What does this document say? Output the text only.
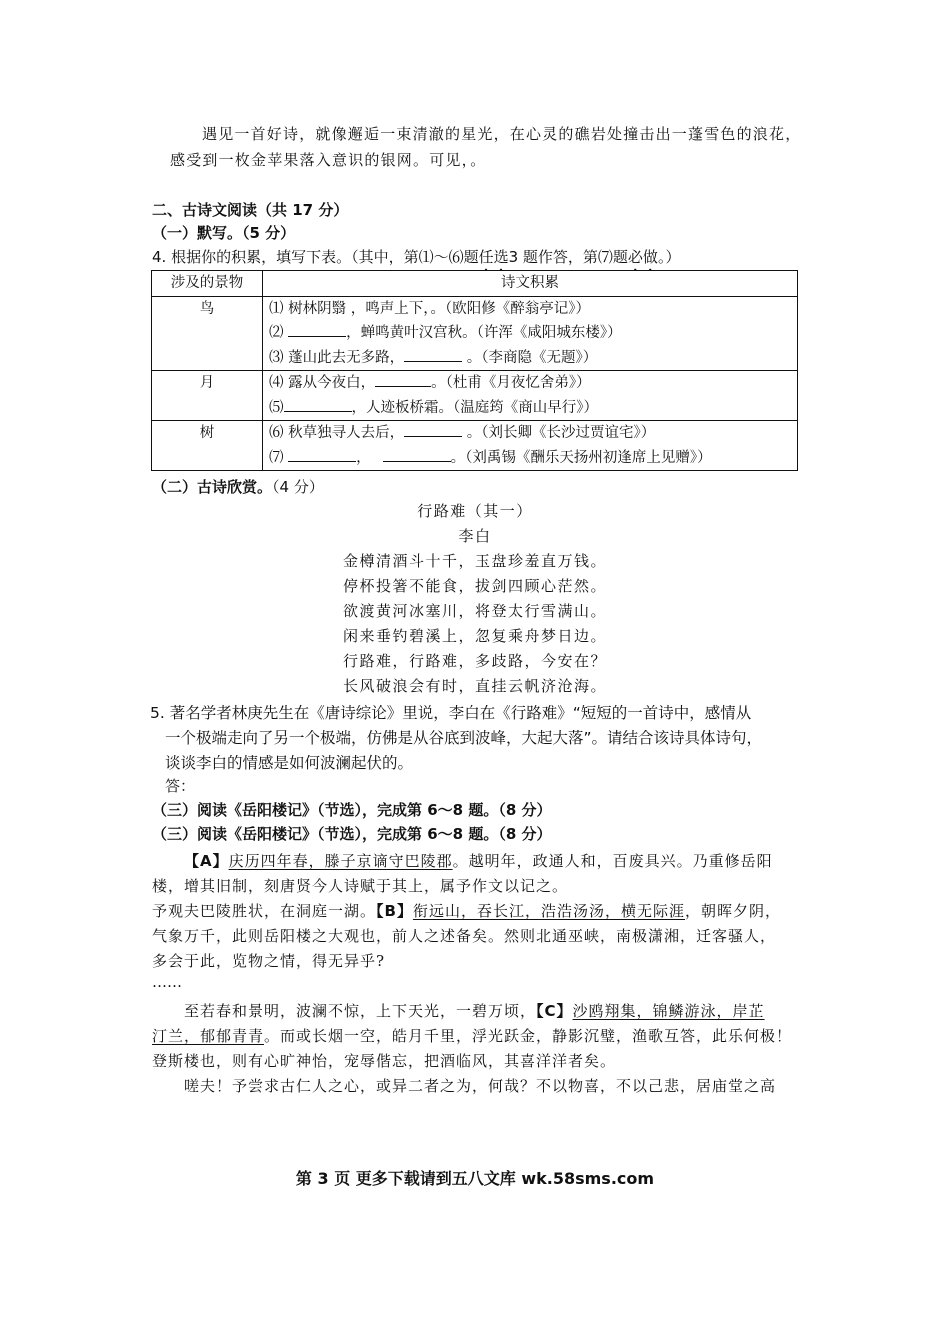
遇见一首好诗，就像邂逅一束清澈的星光，在心灵的礁岩处撞击出一蓬雪色的浪花，
感受到一枚金苹果落入意识的银网。可见，。
二、古诗文阅读（共 17 分）
（一）默写。（5 分）
4. 根据你的积累，填写下表。（其中，第⑴～⑹题任选3 题作答，第⑺题必做。）
涉及的景物	诗文积累

鸟	⑴ 树林阴翳 ，鸣声上下，。（欧阳修《醉翁亭记》）
⑵ ，蝉鸣黄叶汉宫秋。（许浑《咸阳城东楼》）
⑶ 蓬山此去无多路， 。（李商隐《无题》）

月	⑷ 露从今夜白， 。（杜甫《月夜忆舍弟》）
⑸ ，人迹板桥霜。（温庭筠《商山早行》）

树	⑹ 秋草独寻人去后， 。（刘长卿《长沙过贾谊宅》）
⑺ ， 。（刘禹锡《酬乐天扬州初逢席上见赠》）
（二）古诗欣赏。（4 分）
行路难（其一）
李白
金樽清酒斗十千，玉盘珍羞直万钱。
停杯投箸不能食，拔剑四顾心茫然。
欲渡黄河冰塞川，将登太行雪满山。
闲来垂钓碧溪上，忽复乘舟梦日边。
行路难，行路难，多歧路，今安在？
长风破浪会有时，直挂云帆济沧海。
5. 著名学者林庚先生在《唐诗综论》里说，李白在《行路难》“短短的一首诗中，感情从
一个极端走向了另一个极端，仿佛是从谷底到波峰，大起大落”。请结合该诗具体诗句，
谈谈李白的情感是如何波澜起伏的。
答：
（三）阅读《岳阳楼记》（节选），完成第 6～8 题。（8 分）
（三）阅读《岳阳楼记》（节选），完成第 6～8 题。（8 分）
【A】庆历四年春，滕子京谪守巴陵郡。越明年，政通人和，百废具兴。乃重修岳阳
楼，增其旧制，刻唐贤今人诗赋于其上，属予作文以记之。
予观夫巴陵胜状，在洞庭一湖。【B】衔远山，吞长江，浩浩汤汤，横无际涯，朝晖夕阴，
气象万千，此则岳阳楼之大观也，前人之述备矣。然则北通巫峡，南极潇湘，迁客骚人，
多会于此，览物之情，得无异乎?
……
至若春和景明，波澜不惊，上下天光，一碧万顷，【C】沙鸥翔集，锦鳞游泳，岸芷
汀兰，郁郁青青。而或长烟一空，皓月千里，浮光跃金，静影沉璧，渔歌互答，此乐何极！
登斯楼也，则有心旷神怡，宠辱偕忘，把酒临风，其喜洋洋者矣。
嗟夫！予尝求古仁人之心，或异二者之为，何哉？不以物喜，不以己悲，居庙堂之高
第 3 页 更多下载请到五八文库 wk.58sms.com
